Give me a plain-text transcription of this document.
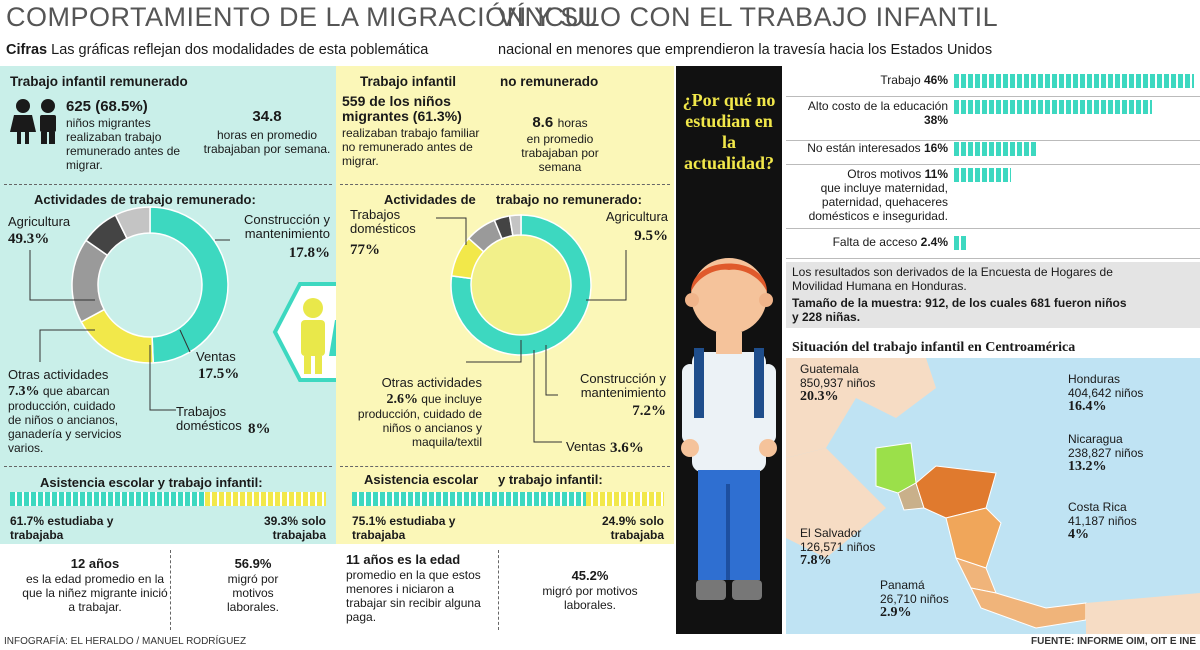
COMPORTAMIENTO DE LA MIGRACIÓN Y SU
VÍNCULO CON EL TRABAJO INFANTIL
Cifras Las gráficas reflejan dos modalidades de esta poblemática	nacional en menores que emprendieron la travesía hacia los Estados Unidos
Trabajo infantil remunerado
625 (68.5%)
niños migrantes realizaban trabajo remunerado antes de migrar.
34.8
horas en promedio trabajaban por semana.
Actividades de trabajo remunerado:
Agricultura
49.3%
Construcción y mantenimiento
17.8%
Ventas
17.5%
Otras actividades
7.3% que abarcan producción, cuidado de niños o ancianos, ganadería y servicios varios.
Trabajos domésticos 8%
Asistencia escolar y trabajo infantil:
61.7% estudiaba y trabajaba
39.3% solo trabajaba
12 años
es la edad promedio en la que la niñez migrante inició a trabajar.
56.9%
migró por motivos laborales.
Trabajo infantil	no remunerado
559 de los niños migrantes (61.3%)
realizaban trabajo familiar no remunerado antes de migrar.
8.6 horas
en promedio trabajaban por semana
Actividades de trabajo no remunerado:
Trabajos domésticos
77%
Agricultura
9.5%
Otras actividades
2.6% que incluye producción, cuidado de niños o ancianos y maquila/textil
Construcción y mantenimiento
7.2%
Ventas 3.6%
Asistencia escolar y trabajo infantil:
75.1% estudiaba y trabajaba
24.9% solo trabajaba
11 años es la edad
promedio en la que estos menores i niciaron a trabajar sin recibir alguna paga.
45.2%
migró por motivos laborales.
¿Por qué no estudian en la actualidad?
Trabajo 46%
Alto costo de la educación 38%
No están interesados 16%
Otros motivos 11%
que incluye maternidad, paternidad, quehaceres domésticos e inseguridad.
Falta de acceso 2.4%
Los resultados son derivados de la Encuesta de Hogares de Movilidad Humana en Honduras.
Tamaño de la muestra: 912, de los cuales 681 fueron niños y 228 niñas.
Situación del trabajo infantil en Centroamérica
Guatemala
850,937 niños
20.3%
Honduras
404,642 niños
16.4%
Nicaragua
238,827 niños
13.2%
El Salvador
126,571 niños
7.8%
Costa Rica
41,187 niños
4%
Panamá
26,710 niños
2.9%
INFOGRAFÍA: EL HERALDO / MANUEL RODRÍGUEZ	FUENTE: INFORME OIM, OIT E INE
